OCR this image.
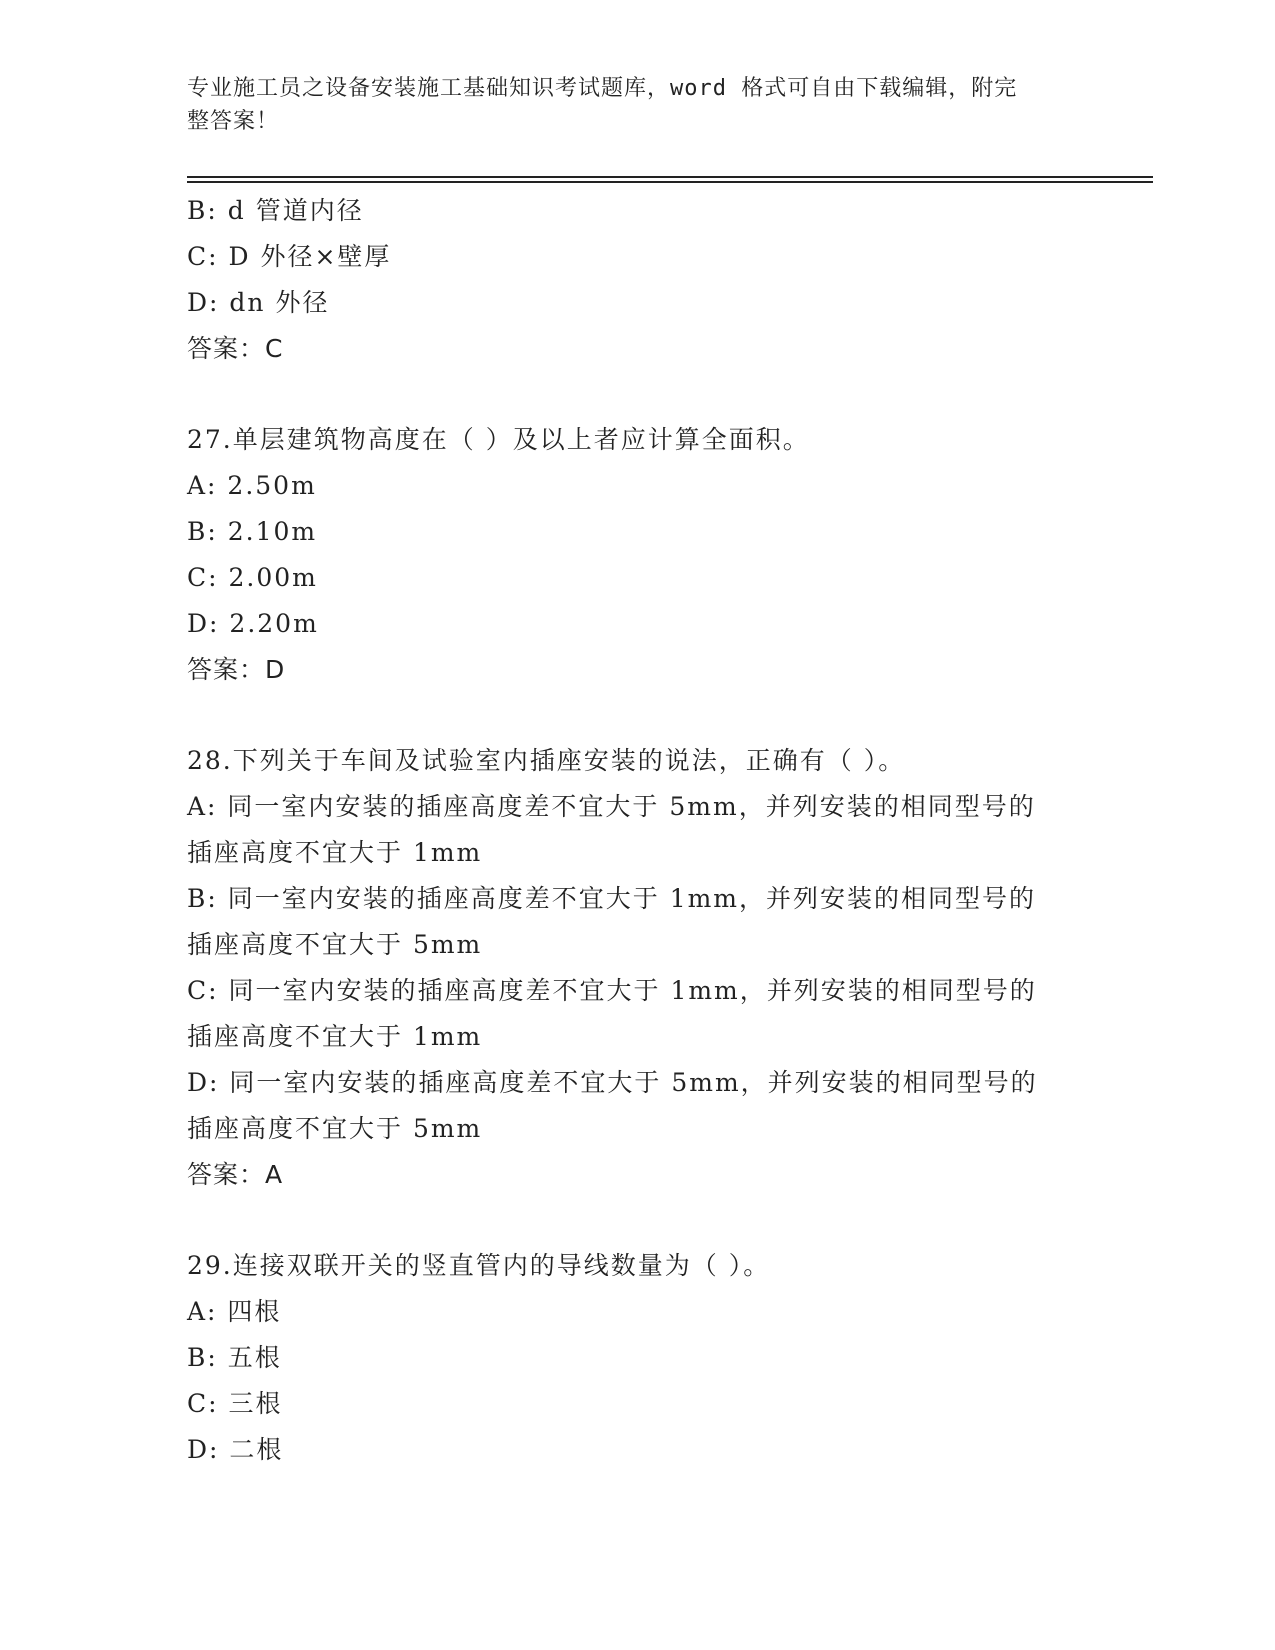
专业施工员之设备安装施工基础知识考试题库，word 格式可自由下载编辑，附完
整答案！
B: d 管道内径
C: D 外径×壁厚
D: dn 外径
答案：C
27.单层建筑物高度在（ ）及以上者应计算全面积。
A: 2.50m
B: 2.10m
C: 2.00m
D: 2.20m
答案：D
28.下列关于车间及试验室内插座安装的说法，正确有（ ）。
A: 同一室内安装的插座高度差不宜大于 5mm，并列安装的相同型号的
插座高度不宜大于 1mm
B: 同一室内安装的插座高度差不宜大于 1mm，并列安装的相同型号的
插座高度不宜大于 5mm
C: 同一室内安装的插座高度差不宜大于 1mm，并列安装的相同型号的
插座高度不宜大于 1mm
D: 同一室内安装的插座高度差不宜大于 5mm，并列安装的相同型号的
插座高度不宜大于 5mm
答案：A
29.连接双联开关的竖直管内的导线数量为（ ）。
A: 四根
B: 五根
C: 三根
D: 二根
